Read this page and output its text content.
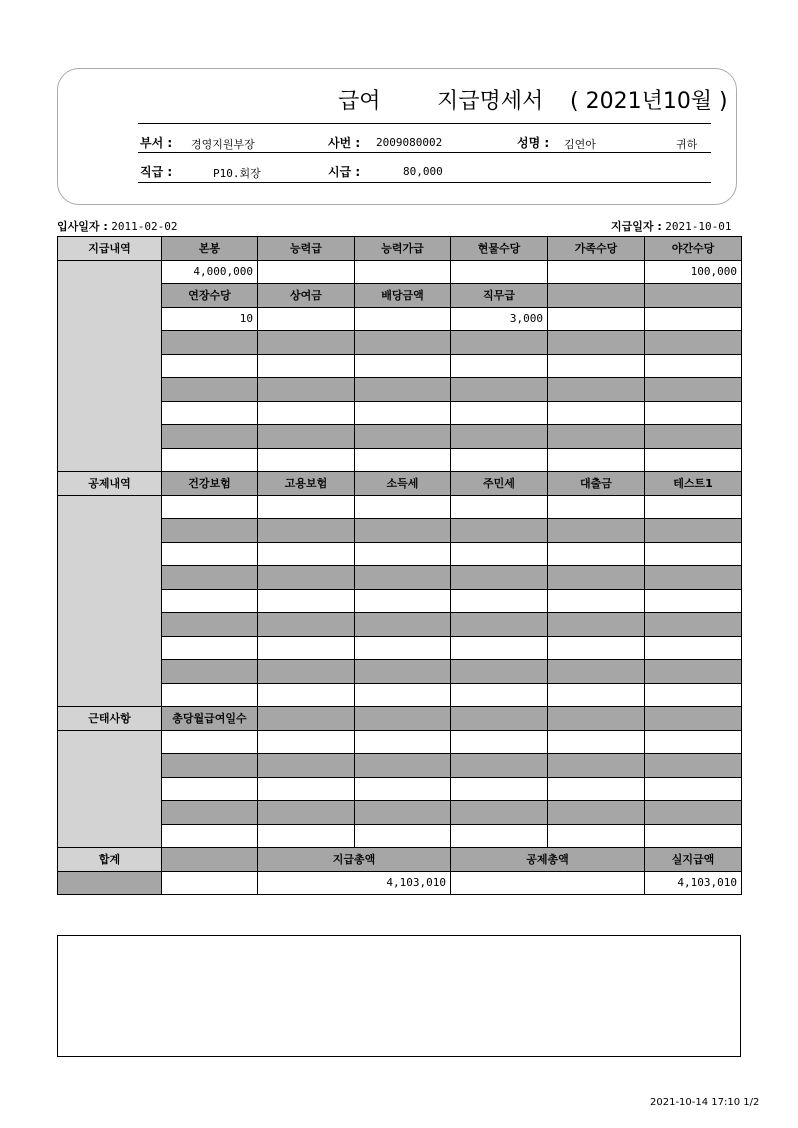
급여	지급명세서 ( 2021년10월 )
부서 : 경영지원부장	사번 : 2009080002	성명 : 김연아	귀하
직급 :	P10.회장	시급 :	80,000
입사일자 : 2011-02-02	지급일자 : 2021-10-01
지급내역	본봉	능력급	능력가급	현물수당	가족수당	야간수당
	4,000,000					100,000
	연장수당	상여금	배당금액	직무급		
	10			3,000		

공제내역	건강보험	고용보험	소득세	주민세	대출금	테스트1

근태사항	총당월급여일수					

합계		지급총액		공제총액		실지급액
		4,103,010				4,103,010
2021-10-14 17:10 1/2
